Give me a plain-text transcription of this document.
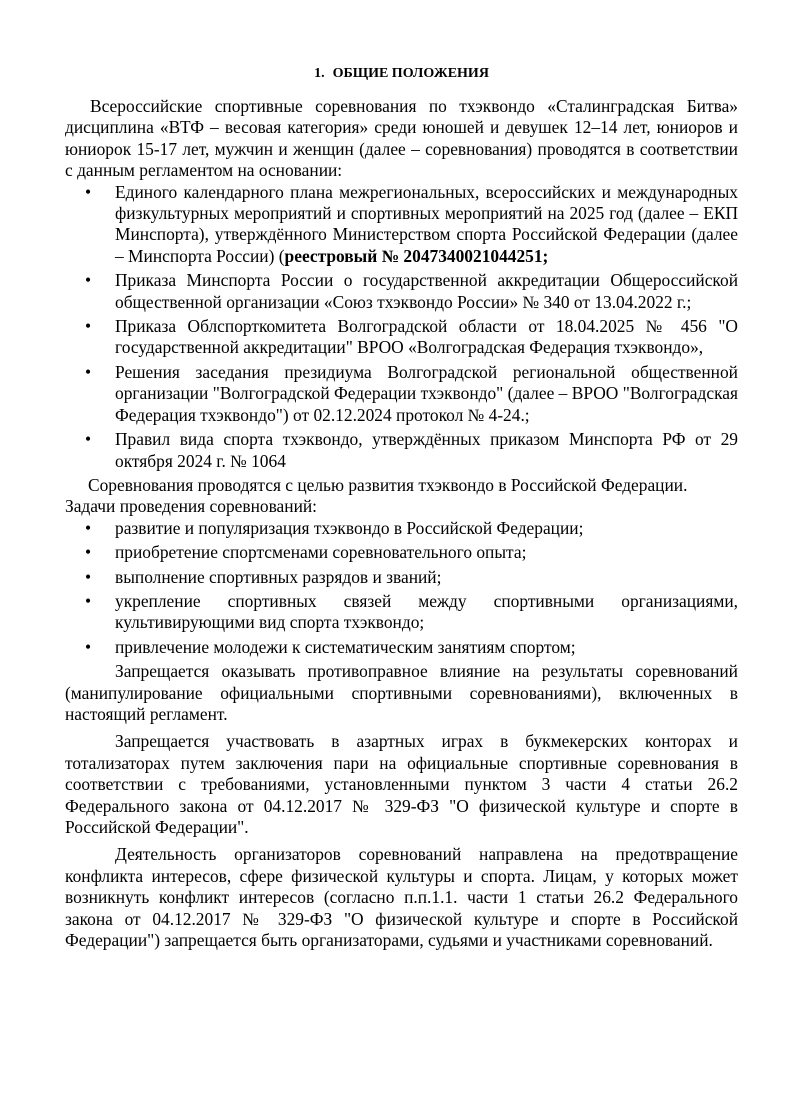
1. ОБЩИЕ ПОЛОЖЕНИЯ

Всероссийские спортивные соревнования по тхэквондо «Сталинградская Битва» дисциплина «ВТФ – весовая категория» среди юношей и девушек 12–14 лет, юниоров и юниорок 15-17 лет, мужчин и женщин (далее – соревнования) проводятся в соответствии с данным регламентом на основании:

• Единого календарного плана межрегиональных, всероссийских и международных физкультурных мероприятий и спортивных мероприятий на 2025 год (далее – ЕКП Минспорта), утверждённого Министерством спорта Российской Федерации (далее – Минспорта России) (реестровый № 2047340021044251;
• Приказа Минспорта России о государственной аккредитации Общероссийской общественной организации «Союз тхэквондо России» № 340 от 13.04.2022 г.;
• Приказа Облспорткомитета Волгоградской области от 18.04.2025 № 456 "О государственной аккредитации" ВРОО «Волгоградская Федерация тхэквондо»,
• Решения заседания президиума Волгоградской региональной общественной организации "Волгоградской Федерации тхэквондо" (далее – ВРОО "Волгоградская Федерация тхэквондо") от 02.12.2024 протокол № 4-24.;
• Правил вида спорта тхэквондо, утверждённых приказом Минспорта РФ от 29 октября 2024 г. № 1064

Соревнования проводятся с целью развития тхэквондо в Российской Федерации.

Задачи проведения соревнований:

• развитие и популяризация тхэквондо в Российской Федерации;
• приобретение спортсменами соревновательного опыта;
• выполнение спортивных разрядов и званий;
• укрепление спортивных связей между спортивными организациями, культивирующими вид спорта тхэквондо;
• привлечение молодежи к систематическим занятиям спортом;

Запрещается оказывать противоправное влияние на результаты соревнований (манипулирование официальными спортивными соревнованиями), включенных в настоящий регламент.

Запрещается участвовать в азартных играх в букмекерских конторах и тотализаторах путем заключения пари на официальные спортивные соревнования в соответствии с требованиями, установленными пунктом 3 части 4 статьи 26.2 Федерального закона от 04.12.2017 № 329-ФЗ "О физической культуре и спорте в Российской Федерации".

Деятельность организаторов соревнований направлена на предотвращение конфликта интересов, сфере физической культуры и спорта. Лицам, у которых может возникнуть конфликт интересов (согласно п.п.1.1. части 1 статьи 26.2 Федерального закона от 04.12.2017 № 329-ФЗ "О физической культуре и спорте в Российской Федерации") запрещается быть организаторами, судьями и участниками соревнований.
